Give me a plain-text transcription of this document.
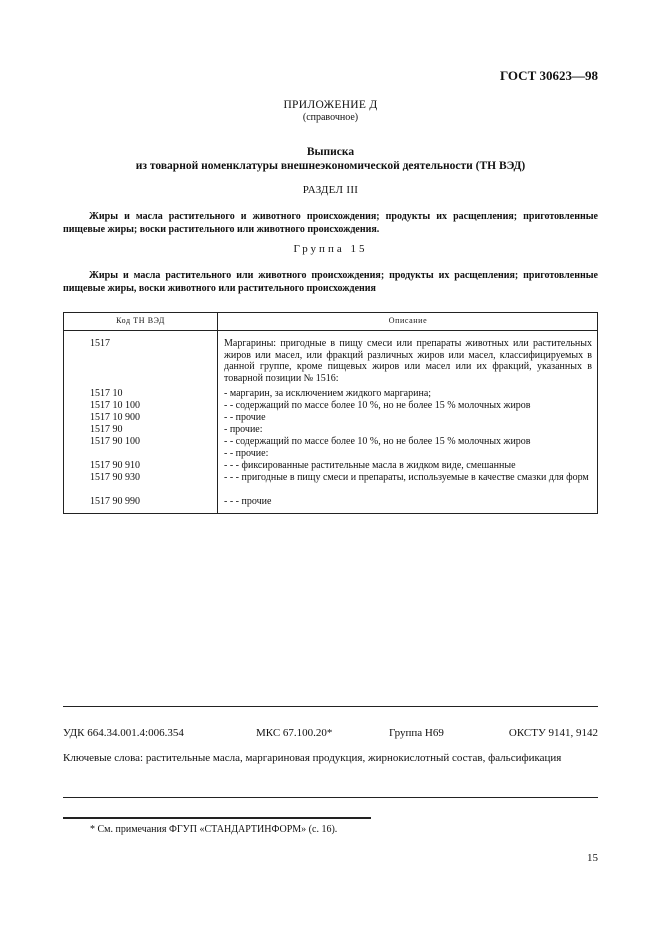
ГОСТ 30623—98
ПРИЛОЖЕНИЕ Д
(справочное)
Выписка
из товарной номенклатуры внешнеэкономической деятельности (ТН ВЭД)
РАЗДЕЛ III
Жиры и масла растительного и животного происхождения; продукты их расщепления; приготовленные пищевые жиры; воски растительного или животного происхождения.
Группа 15
Жиры и масла растительного или животного происхождения; продукты их расщепления; приготовленные пищевые жиры, воски животного или растительного происхождения
Код ТН ВЭД	Описание
1517	Маргарины: пригодные в пищу смеси или препараты животных или растительных жиров или масел, или фракций различных жиров или масел, классифицируемых в данной группе, кроме пищевых жиров или масел или их фракций, указанных в товарной позиции № 1516:
1517 10	- маргарин, за исключением жидкого маргарина;
1517 10 100	- - содержащий по массе более 10 %, но не более 15 % молочных жиров
1517 10 900	- - прочие
1517 90	- прочие:
1517 90 100	- - содержащий по массе более 10 %, но не более 15 % молочных жиров
- - прочие:
1517 90 910	- - - фиксированные растительные масла в жидком виде, смешанные
1517 90 930	- - - пригодные в пищу смеси и препараты, используемые в качестве смазки для форм
1517 90 990	- - - прочие
УДК 664.34.001.4:006.354	МКС 67.100.20*	Группа Н69	ОКСТУ 9141, 9142
Ключевые слова: растительные масла, маргариновая продукция, жирнокислотный состав, фальсификация
* См. примечания ФГУП «СТАНДАРТИНФОРМ» (с. 16).
15
